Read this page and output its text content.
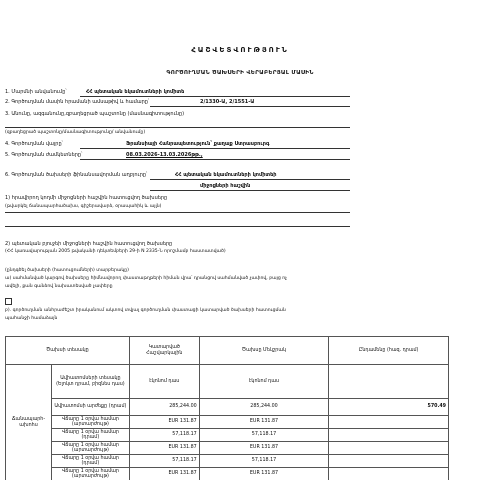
ՀԱՇՎԵՏՎՈՒԹՅՈՒՆ
ԳՈՐԾՈՒՂՄԱՆ ԾԱԽՍԵՐԻ ՎԵՐԱԲԵՐՅԱԼ ՄԱՍԻՆ
1. Մարմնի անվանումը՝	ՀՀ պետական եկամուտների կոմիտե
2. Գործուղման մասին հրամանի ամսաթիվ և համարը՝	2/1330-Ա, 2/1551-Ա
3. Անունը, ազգանունը,զբաղեցրած պաշտոնը (մասնագիտությունը)
(զբաղեցրած պաշտոնը/մասնագիտությունը/ անվանումը)
4. Գործուղման վայրը՝	Ֆրանսիայի Հանրապետություն՝ քաղաք Ստրասբուրգ
5. Գործուղման ժամկետները՝	08.03.2026-13.03.2026թթ.,
6. Գործուղման ծախսերի ֆինանսավորման աղբյուրը՝	ՀՀ պետական եկամուտների կոմիտեի
միջոցների հաշվին
1) հրավիրող կողմի միջոցների հաշվին հատուցվող ծախսերը
(թվարկել ճանապարհածախս, գիշերավարձ, օրապահիկ և այլն)
2) պետական բյուջեի միջոցների հաշվին հատուցվող ծախսերը
(ՀՀ կառավարության 2005 թվականի դեկտեմբերի 29-ի N 2335-Ն որոշմամբ հաստատված)
(ընդգծել ծախսերի (հատուցումների) տարբերակը)
ա) սահմանված կարգով ծախսերը հիմնավորող փաստաթղթերի հիման վրա՝ դրանցով սահմանված չափով, բայց ոչ
ավելի, քան գանձով նախատեսված չափերը
բ). գործուղման անհրաժեշտ իրականում ակտով տվյալ գործուղման փաստացի կատարված ծախսերի հատուցման
պահանջի համաձայն
Ծախսի տեսակը		Կատարված Հաշվարկային	Ծախսը Մեկշրակ	Ընդամենը (հազ. դրամ)
Ճանապարհ-
ախոհս	Ավիատոմսերի տեսակը (Ելոկտ դրամ, բիզնես դաս)	էկոնոմ դաս	էկոնոմ դաս	
	Ավիատոմսի արժեքը (դրամ)	285,244.00	285,244.00	570.49
	Վճարը 1 օրվա համար (արտարժույթ)	EUR 131.87	EUR 131.87	
	Վճարը 1 օրվա համար (դրամ)	57,118.17	57,118.17	
	Վճարը 1 օրվա համար (արտարժույթ)	EUR 131.87	EUR 131.87	
	Վճարը 1 օրվա համար (դրամ)	57,118.17	57,118.17	
	Վճարը 1 օրվա համար (արտարժույթ)	EUR 131.87	EUR 131.87	
